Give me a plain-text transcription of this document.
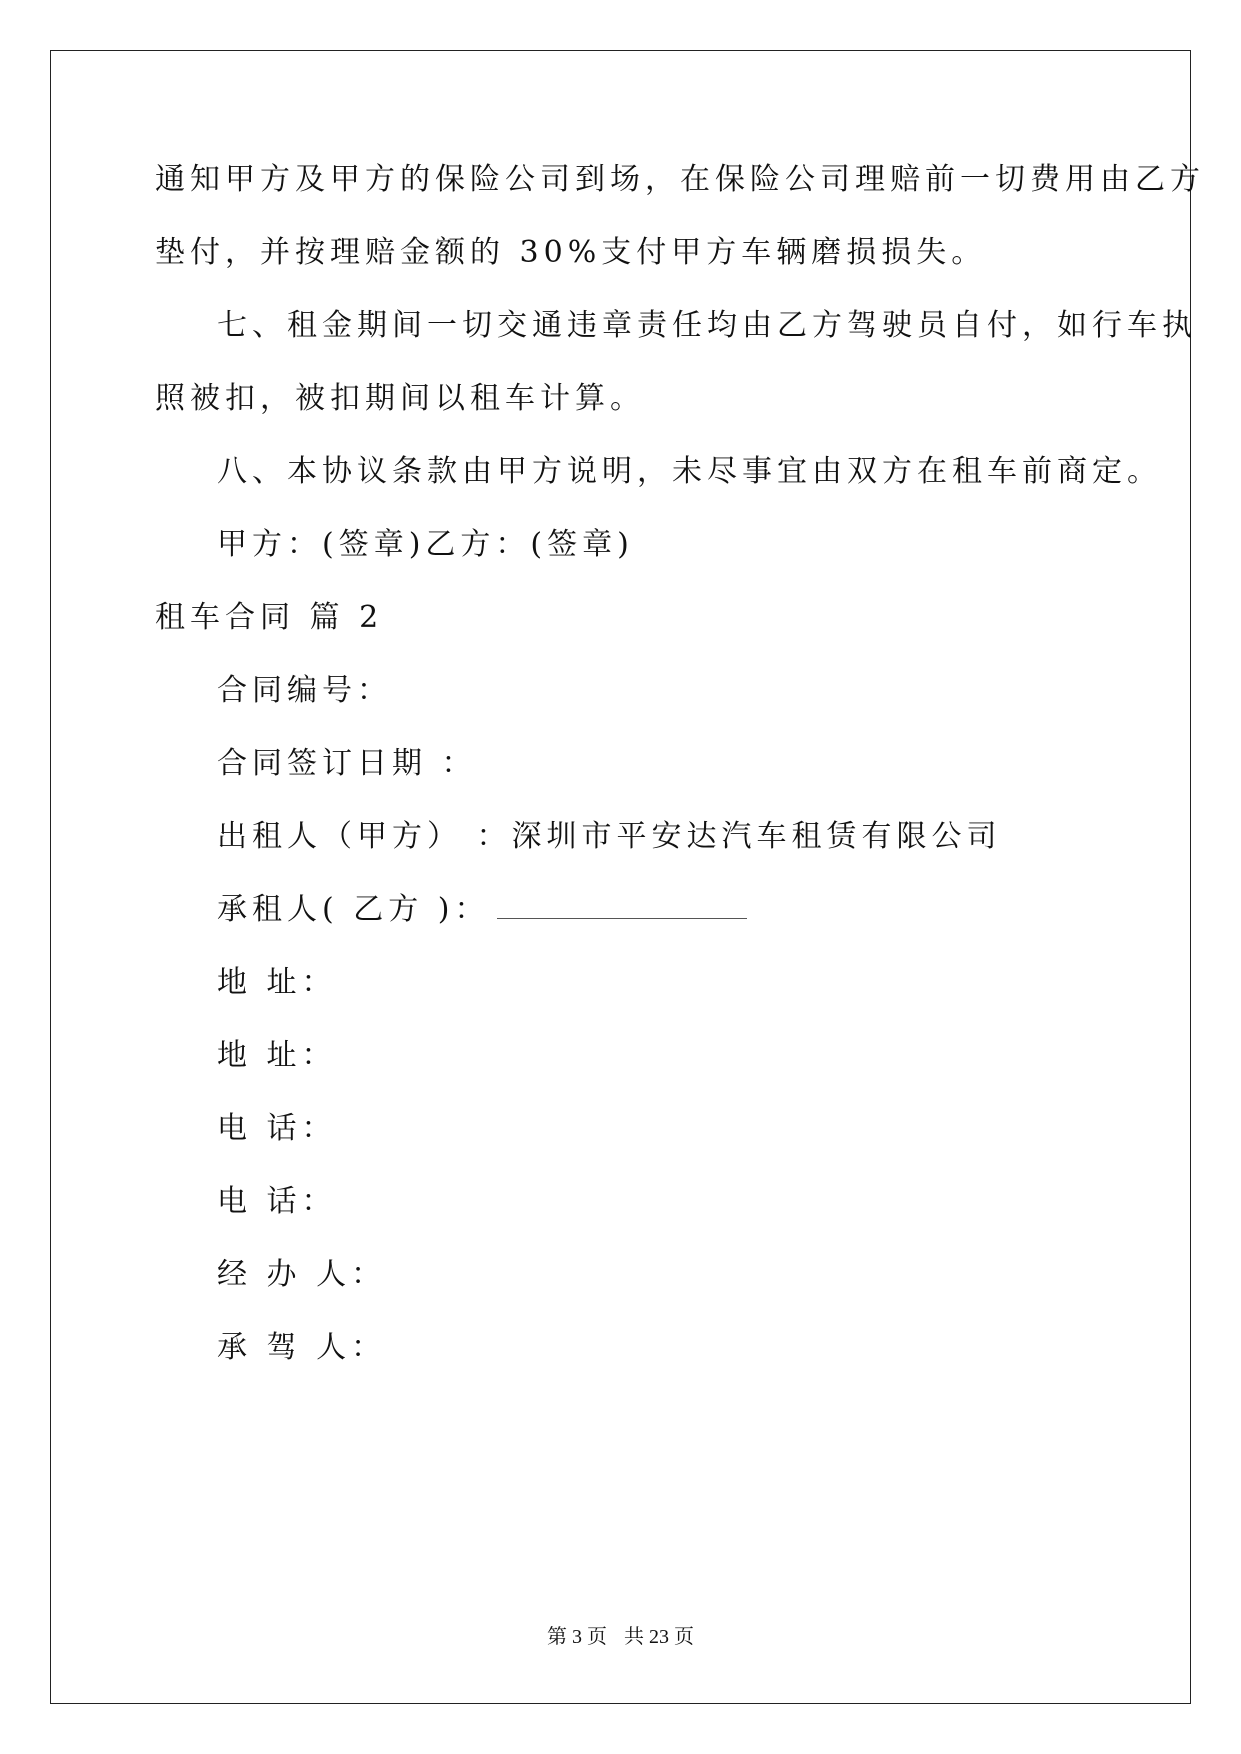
通知甲方及甲方的保险公司到场，在保险公司理赔前一切费用由乙方
垫付，并按理赔金额的 30%支付甲方车辆磨损损失。
七、租金期间一切交通违章责任均由乙方驾驶员自付，如行车执
照被扣，被扣期间以租车计算。
八、本协议条款由甲方说明，未尽事宜由双方在租车前商定。
甲方：(签章)乙方：(签章)
租车合同 篇 2
合同编号：
合同签订日期 ：
出租人（甲方） ：深圳市平安达汽车租赁有限公司
承租人( 乙方 )：
地 址：
地 址：
电 话：
电 话：
经 办 人：
承 驾 人：
第 3 页 共 23 页
